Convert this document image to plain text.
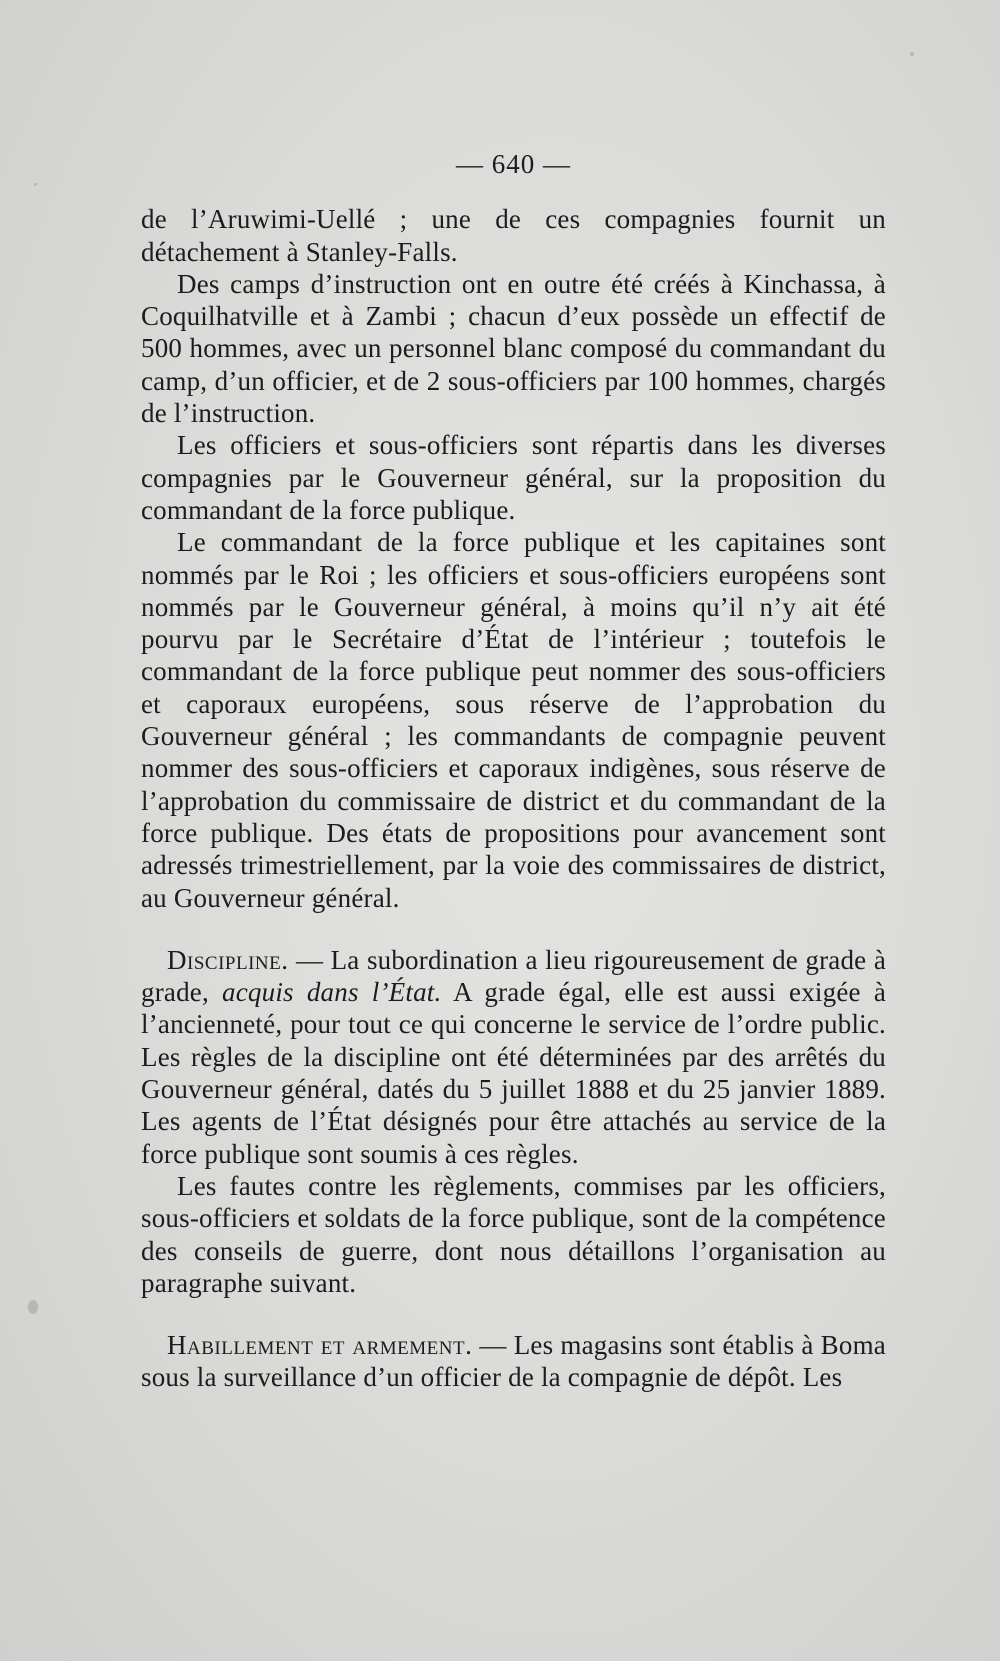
— 640 —

de l’Aruwimi-Uellé ; une de ces compagnies fournit un détachement à Stanley-Falls.

Des camps d’instruction ont en outre été créés à Kinchassa, à Coquilhatville et à Zambi ; chacun d’eux possède un effectif de 500 hommes, avec un personnel blanc composé du commandant du camp, d’un officier, et de 2 sous-officiers par 100 hommes, chargés de l’instruction.

Les officiers et sous-officiers sont répartis dans les diverses compagnies par le Gouverneur général, sur la proposition du commandant de la force publique.

Le commandant de la force publique et les capitaines sont nommés par le Roi ; les officiers et sous-officiers européens sont nommés par le Gouverneur général, à moins qu’il n’y ait été pourvu par le Secrétaire d’État de l’intérieur ; toutefois le commandant de la force publique peut nommer des sous-officiers et caporaux européens, sous réserve de l’approbation du Gouverneur général ; les commandants de compagnie peuvent nommer des sous-officiers et caporaux indigènes, sous réserve de l’approbation du commissaire de district et du commandant de la force publique. Des états de propositions pour avancement sont adressés trimestriellement, par la voie des commissaires de district, au Gouverneur général.

Discipline. — La subordination a lieu rigoureusement de grade à grade, acquis dans l’État. A grade égal, elle est aussi exigée à l’ancienneté, pour tout ce qui concerne le service de l’ordre public. Les règles de la discipline ont été déterminées par des arrêtés du Gouverneur général, datés du 5 juillet 1888 et du 25 janvier 1889. Les agents de l’État désignés pour être attachés au service de la force publique sont soumis à ces règles.

Les fautes contre les règlements, commises par les officiers, sous-officiers et soldats de la force publique, sont de la compétence des conseils de guerre, dont nous détaillons l’organisation au paragraphe suivant.

Habillement et armement. — Les magasins sont établis à Boma sous la surveillance d’un officier de la compagnie de dépôt. Les
